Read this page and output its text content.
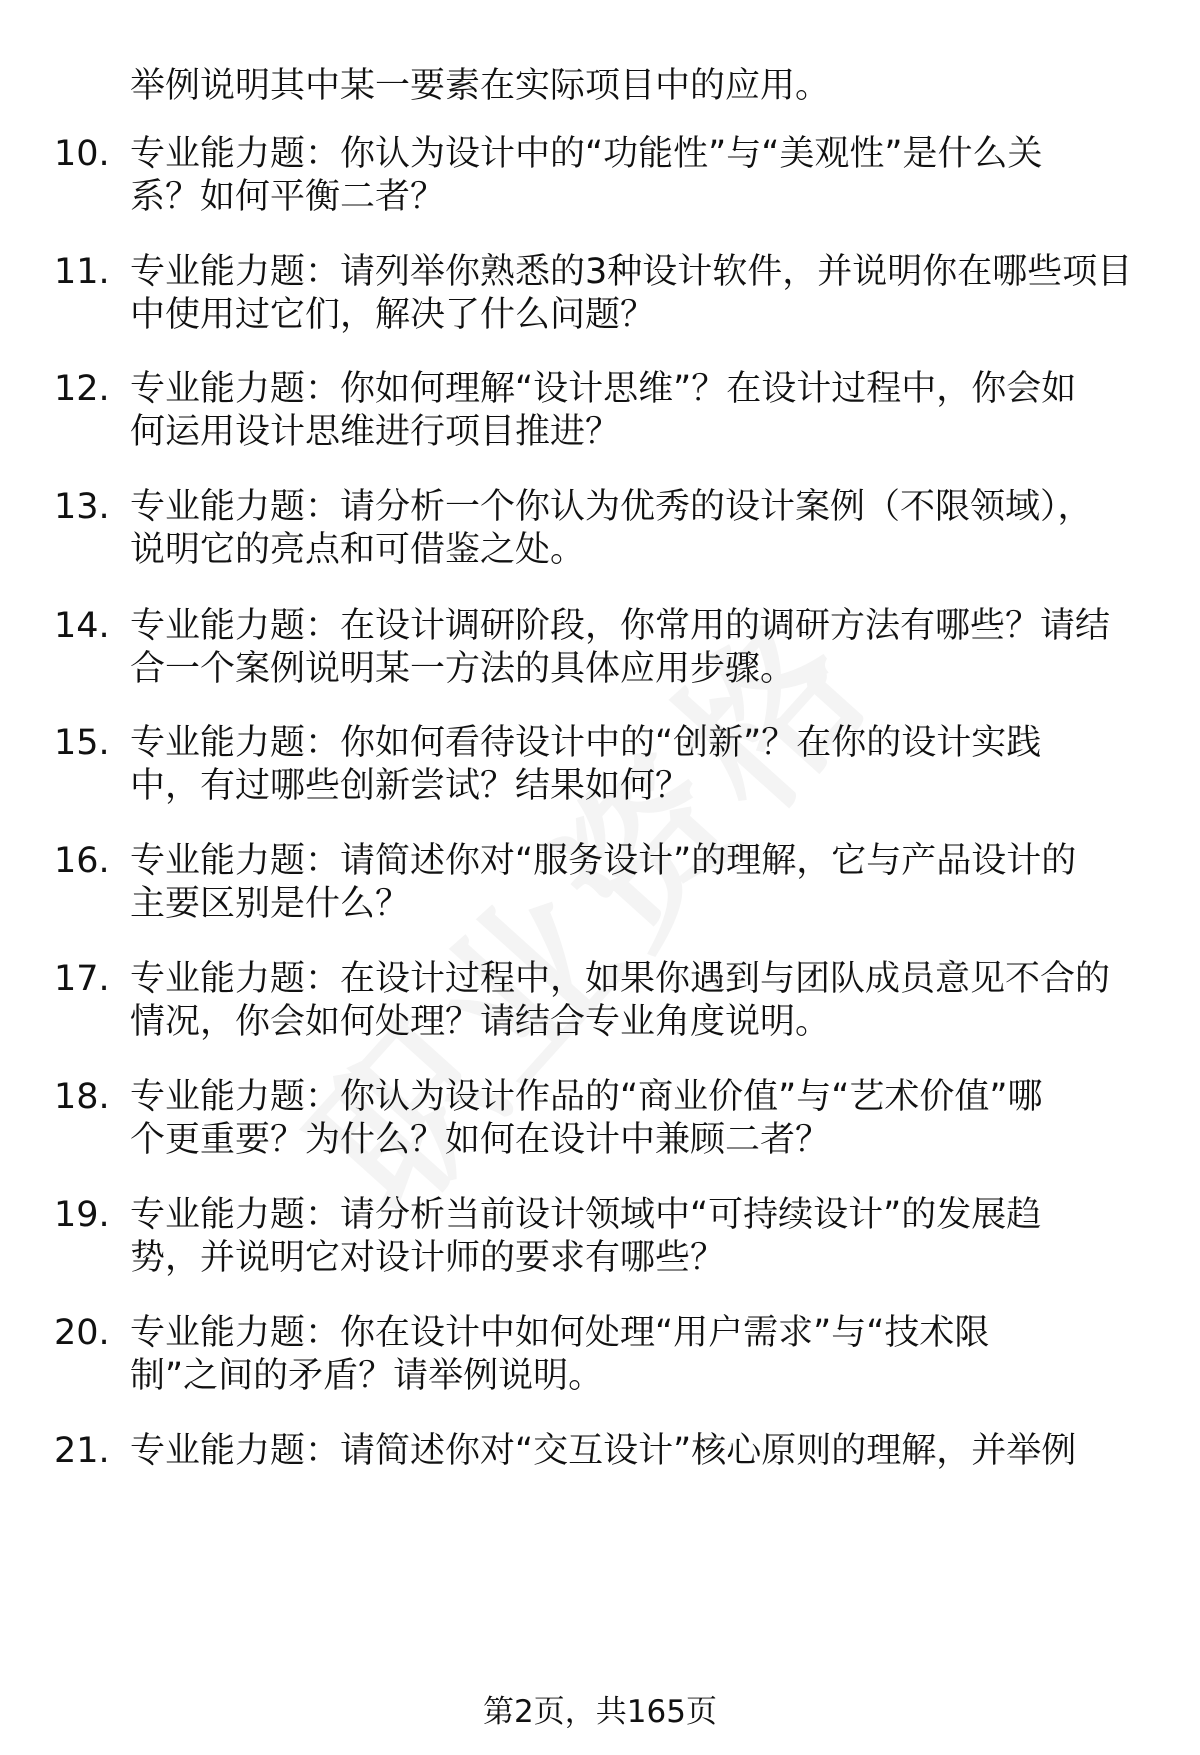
举例说明其中某一要素在实际项目中的应用。
10. 专业能力题：你认为设计中的“功能性”与“美观性”是什么关
系？如何平衡二者？
11. 专业能力题：请列举你熟悉的3种设计软件，并说明你在哪些项目
中使用过它们，解决了什么问题？
12. 专业能力题：你如何理解“设计思维”？在设计过程中，你会如
何运用设计思维进行项目推进？
13. 专业能力题：请分析一个你认为优秀的设计案例（不限领域），
说明它的亮点和可借鉴之处。
14. 专业能力题：在设计调研阶段，你常用的调研方法有哪些？请结
合一个案例说明某一方法的具体应用步骤。
15. 专业能力题：你如何看待设计中的“创新”？在你的设计实践
中，有过哪些创新尝试？结果如何？
16. 专业能力题：请简述你对“服务设计”的理解，它与产品设计的
主要区别是什么？
17. 专业能力题：在设计过程中，如果你遇到与团队成员意见不合的
情况，你会如何处理？请结合专业角度说明。
18. 专业能力题：你认为设计作品的“商业价值”与“艺术价值”哪
个更重要？为什么？如何在设计中兼顾二者？
19. 专业能力题：请分析当前设计领域中“可持续设计”的发展趋
势，并说明它对设计师的要求有哪些？
20. 专业能力题：你在设计中如何处理“用户需求”与“技术限
制”之间的矛盾？请举例说明。
21. 专业能力题：请简述你对“交互设计”核心原则的理解，并举例
第2页，共165页
